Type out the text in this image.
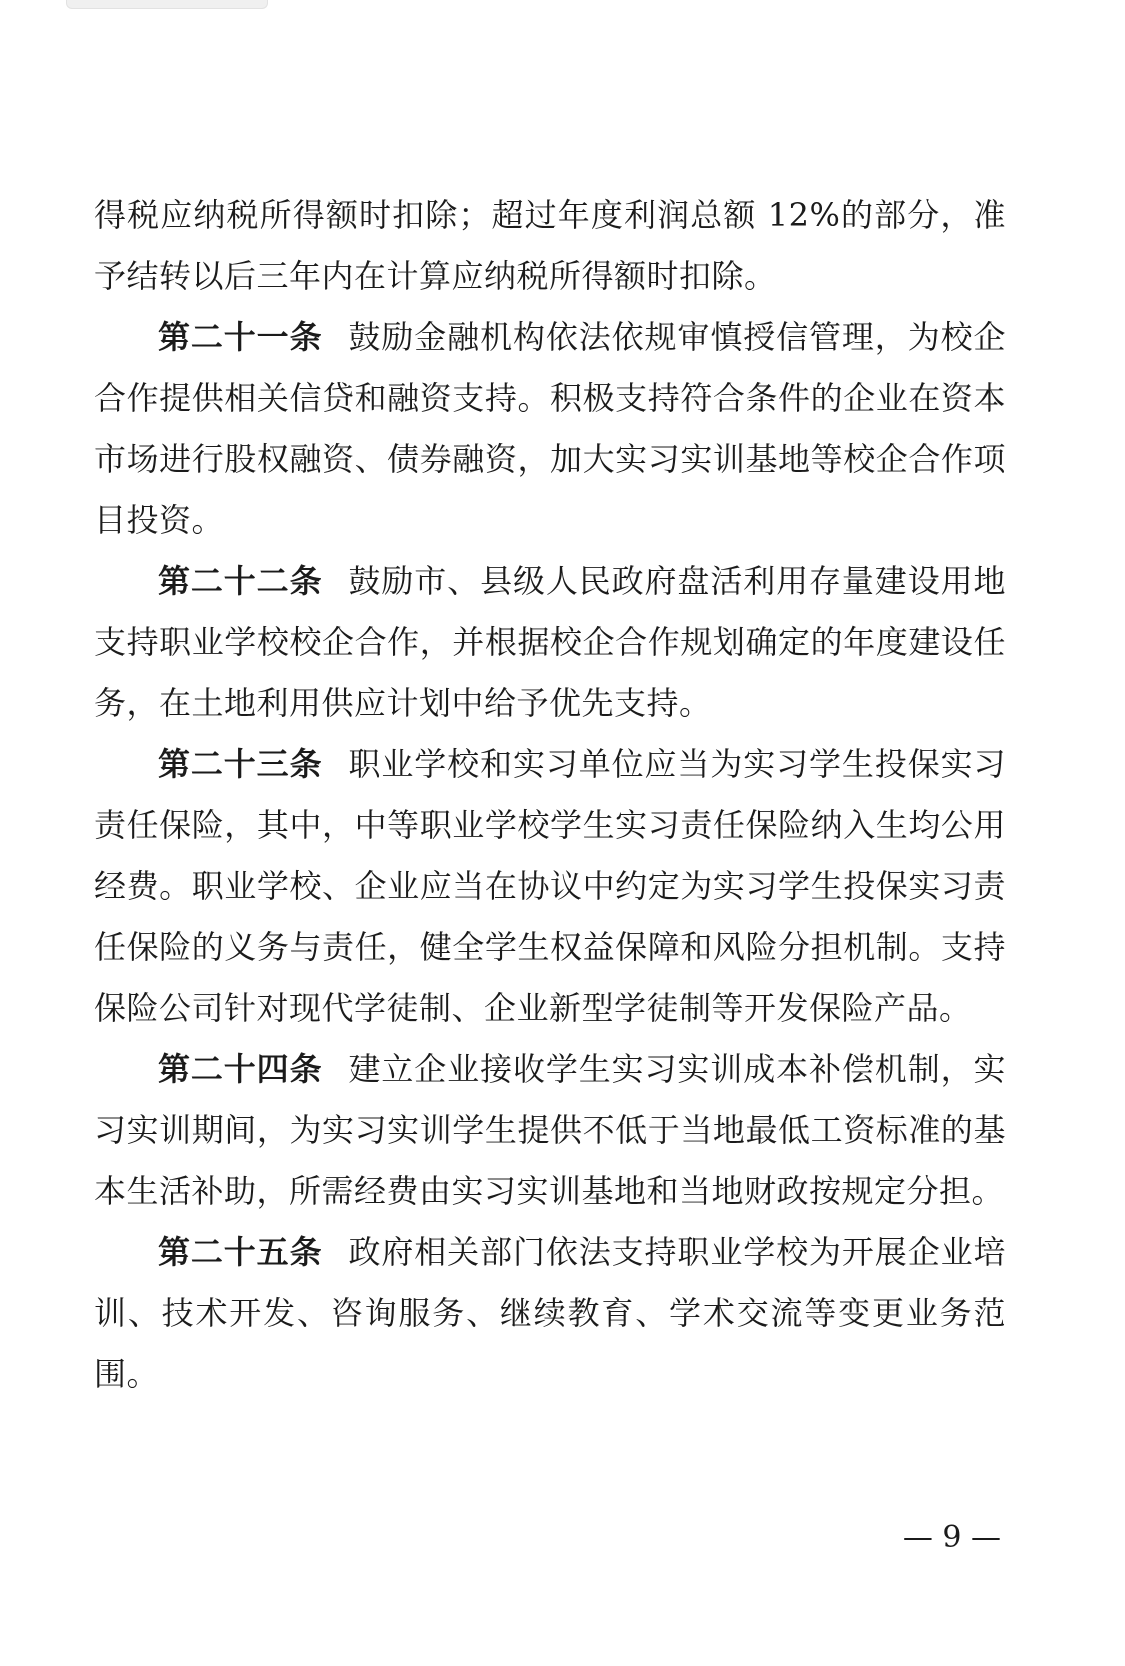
得税应纳税所得额时扣除；超过年度利润总额 12%的部分，准予结转以后三年内在计算应纳税所得额时扣除。

第二十一条 鼓励金融机构依法依规审慎授信管理，为校企合作提供相关信贷和融资支持。积极支持符合条件的企业在资本市场进行股权融资、债券融资，加大实习实训基地等校企合作项目投资。

第二十二条 鼓励市、县级人民政府盘活利用存量建设用地支持职业学校校企合作，并根据校企合作规划确定的年度建设任务，在土地利用供应计划中给予优先支持。

第二十三条 职业学校和实习单位应当为实习学生投保实习责任保险，其中，中等职业学校学生实习责任保险纳入生均公用经费。职业学校、企业应当在协议中约定为实习学生投保实习责任保险的义务与责任，健全学生权益保障和风险分担机制。支持保险公司针对现代学徒制、企业新型学徒制等开发保险产品。

第二十四条 建立企业接收学生实习实训成本补偿机制，实习实训期间，为实习实训学生提供不低于当地最低工资标准的基本生活补助，所需经费由实习实训基地和当地财政按规定分担。

第二十五条 政府相关部门依法支持职业学校为开展企业培训、技术开发、咨询服务、继续教育、学术交流等变更业务范围。

— 9 —
